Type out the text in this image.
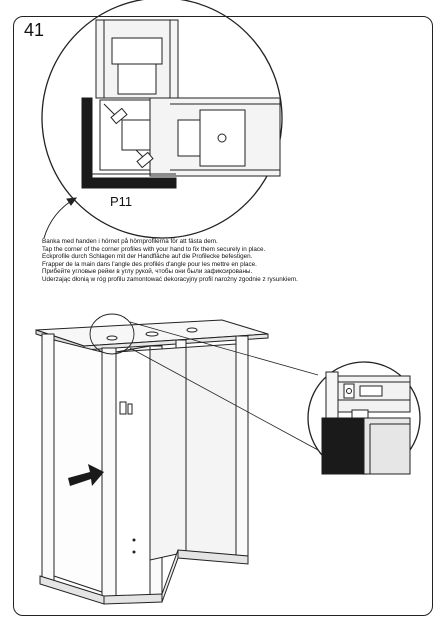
41
P11
Banka med handen i hörnet på hörnprofilerna för att fästa dem.
Tap the corner of the corner profiles with your hand to fix them securely in place.
Eckprofile durch Schlagen mit der Handfläche auf die Profilecke befestigen.
Frapper de la main dans l'angle des profilés d'angle pour les mettre en place.
Прибейте угловые рейки в углу рукой, чтобы они были зафиксированы.
Uderzając dłonią w róg profilu zamontować dekoracyjny profil narożny zgodnie z rysunkiem.
